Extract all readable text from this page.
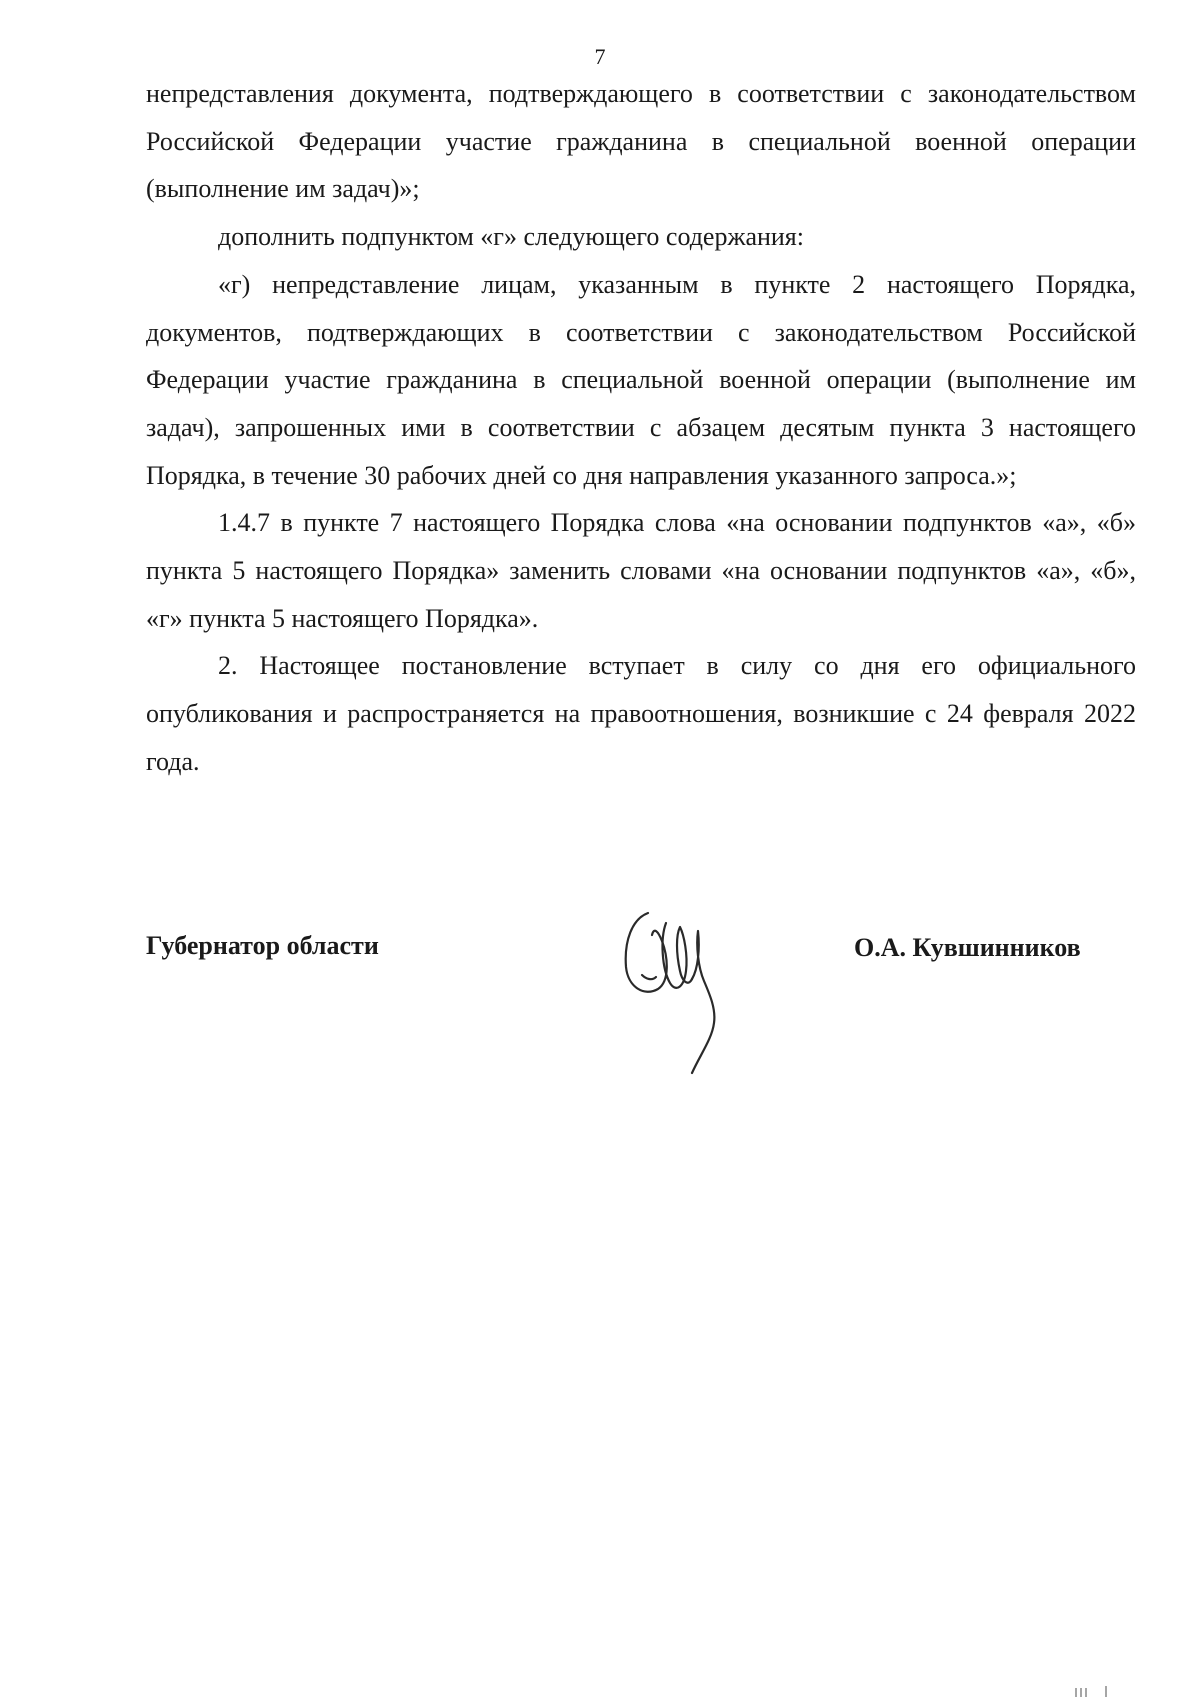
7

непредставления документа, подтверждающего в соответствии с законодательством Российской Федерации участие гражданина в специальной военной операции (выполнение им задач)»;

дополнить подпунктом «г» следующего содержания:

«г) непредставление лицам, указанным в пункте 2 настоящего Порядка, документов, подтверждающих в соответствии с законодательством Российской Федерации участие гражданина в специальной военной операции (выполнение им задач), запрошенных ими в соответствии с абзацем десятым пункта 3 настоящего Порядка, в течение 30 рабочих дней со дня направления указанного запроса.»;

1.4.7 в пункте 7 настоящего Порядка слова «на основании подпунктов «а», «б» пункта 5 настоящего Порядка» заменить словами «на основании подпунктов «а», «б», «г» пункта 5 настоящего Порядка».

2. Настоящее постановление вступает в силу со дня его официального опубликования и распространяется на правоотношения, возникшие с 24 февраля 2022 года.

Губернатор области	О.А. Кувшинников
